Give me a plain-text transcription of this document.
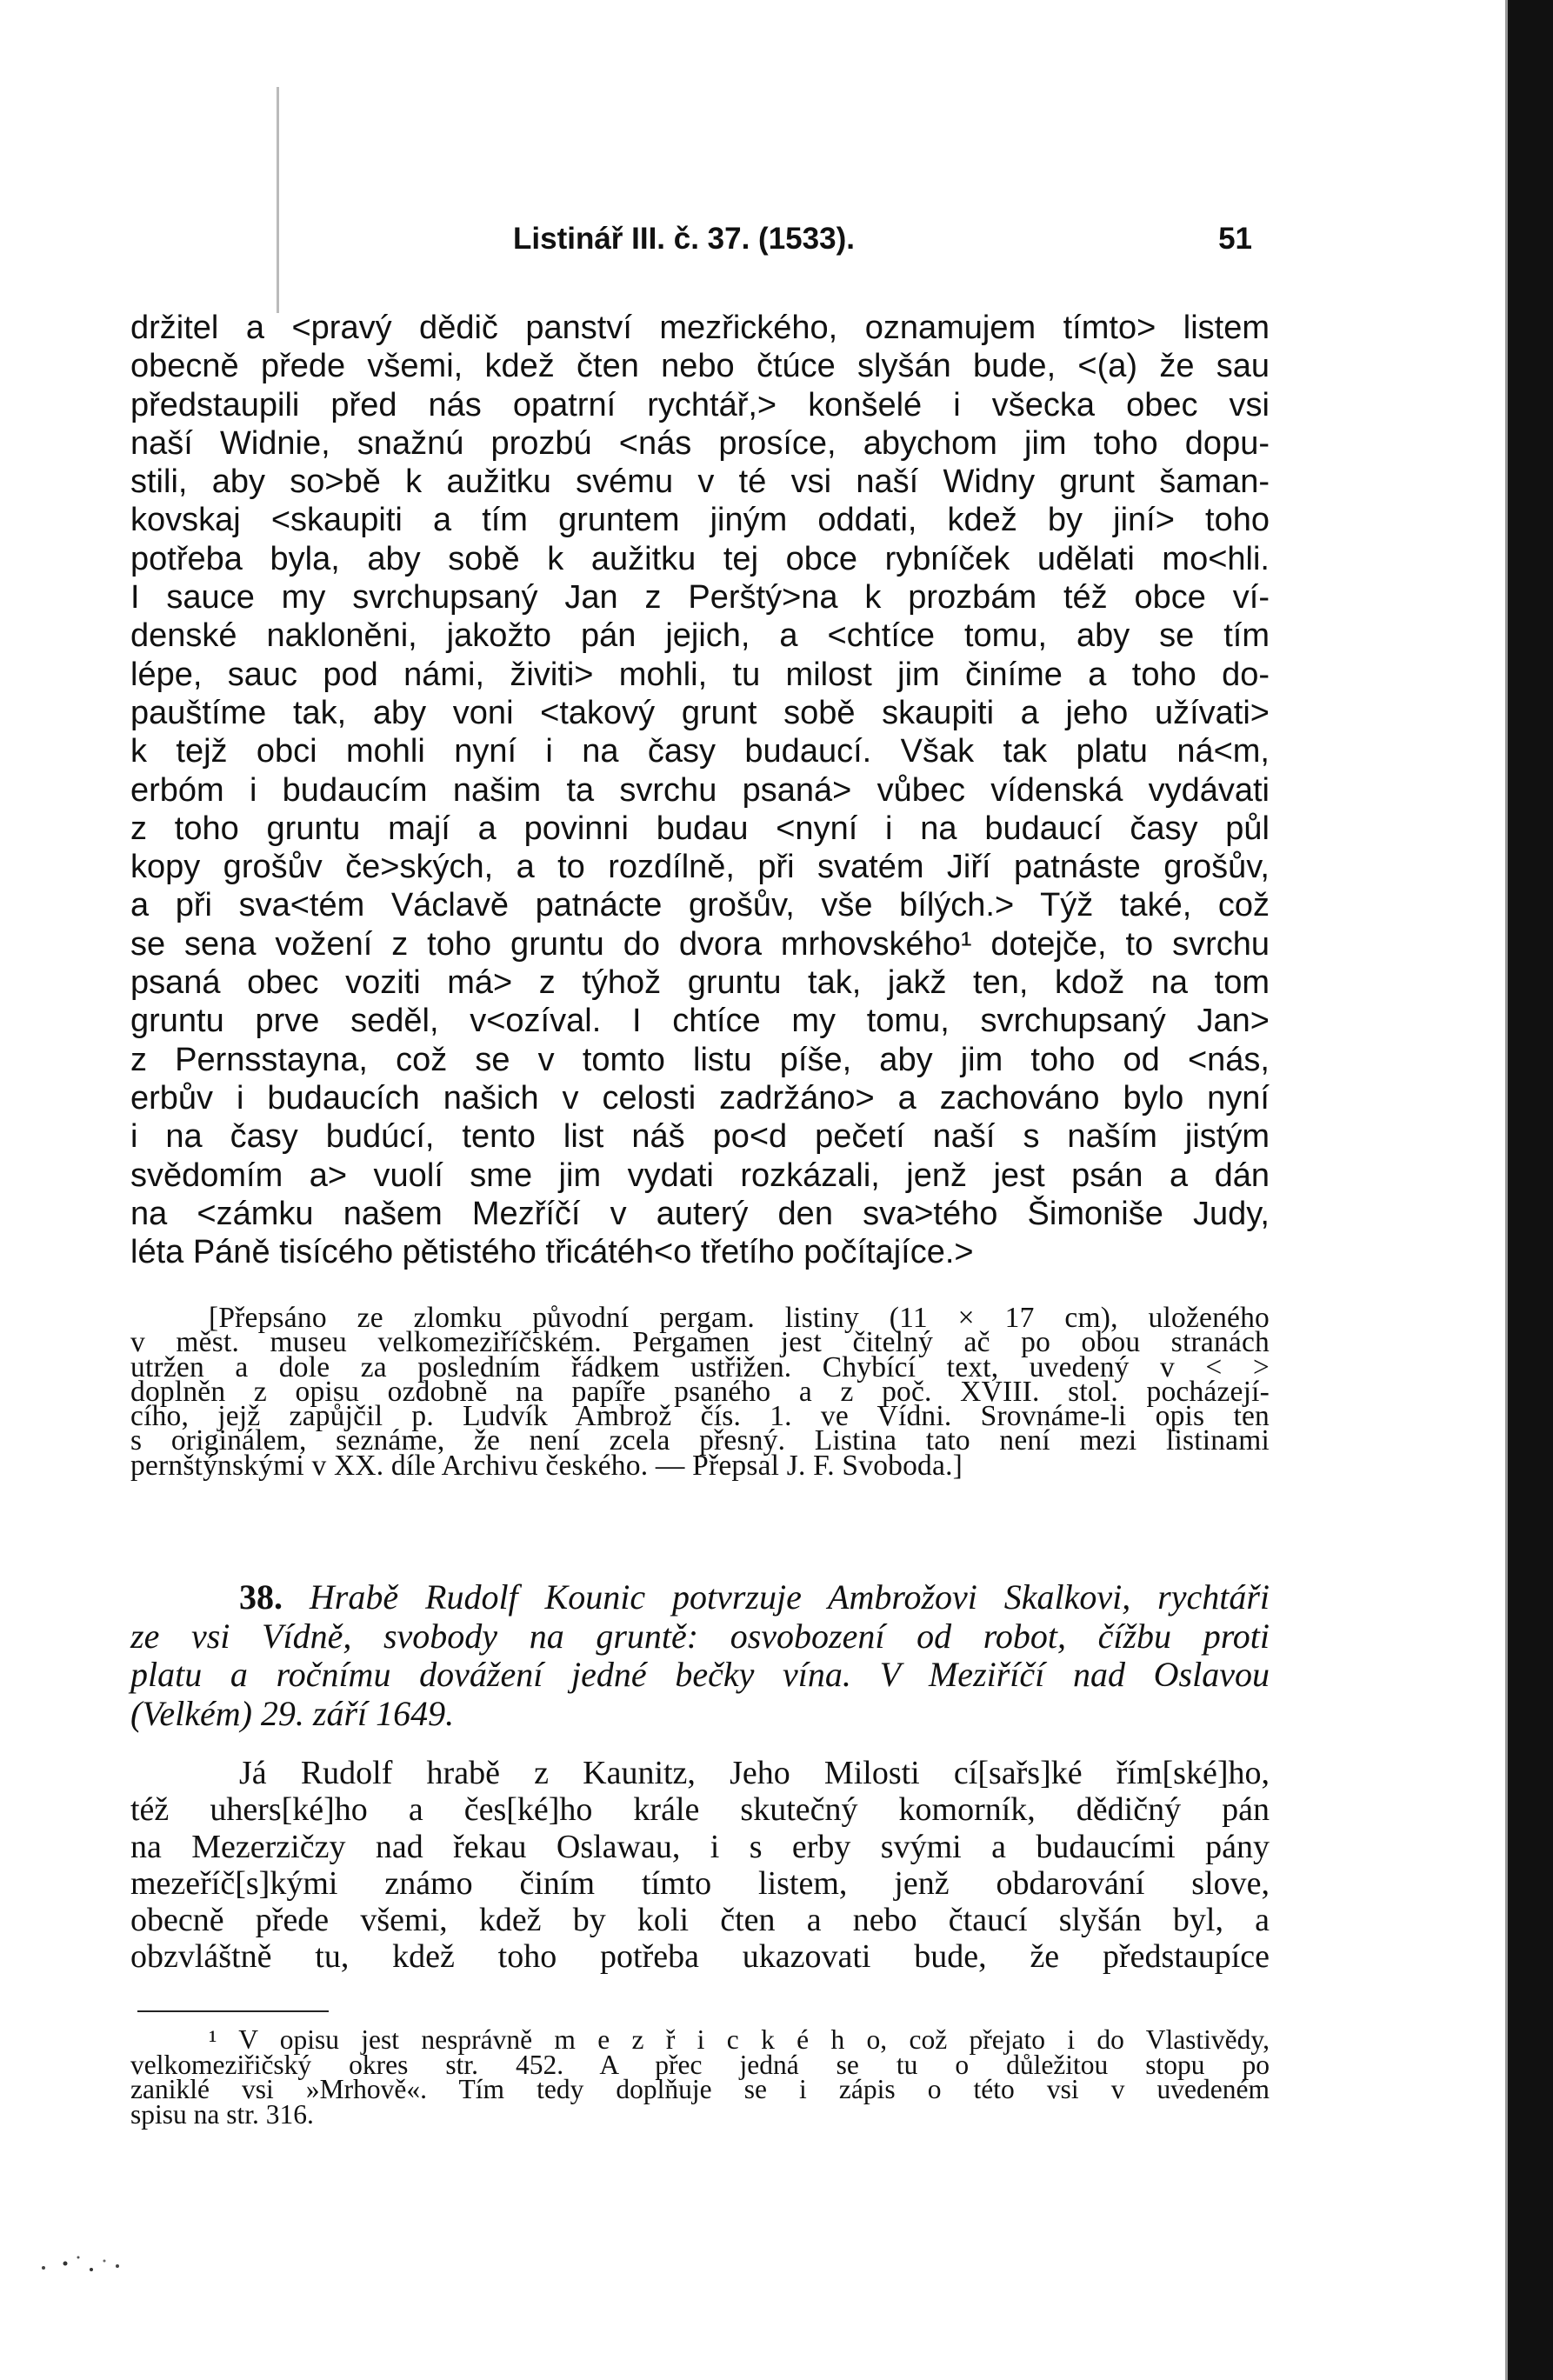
Listinář III. č. 37. (1533).	51
držitel a <pravý dědič panství mezřického, oznamujem tímto> listem
obecně přede všemi, kdež čten nebo čtúce slyšán bude, <(a) že sau
předstaupili před nás opatrní rychtář,> konšelé i všecka obec vsi
naší Widnie, snažnú prozbú <nás prosíce, abychom jim toho dopu-
stili, aby so>bě k aužitku svému v té vsi naší Widny grunt šaman-
kovskaj <skaupiti a tím gruntem jiným oddati, kdež by jiní> toho
potřeba byla, aby sobě k aužitku tej obce rybníček udělati mo<hli.
I sauce my svrchupsaný Jan z Perštý>na k prozbám též obce ví-
denské nakloněni, jakožto pán jejich, a <chtíce tomu, aby se tím
lépe, sauc pod námi, živiti> mohli, tu milost jim činíme a toho do-
pauštíme tak, aby voni <takový grunt sobě skaupiti a jeho užívati>
k tejž obci mohli nyní i na časy budaucí. Však tak platu ná<m,
erbóm i budaucím našim ta svrchu psaná> vůbec vídenská vydávati
z toho gruntu mají a povinni budau <nyní i na budaucí časy půl
kopy grošův če>ských, a to rozdílně, při svatém Jiří patnáste grošův,
a při sva<tém Václavě patnácte grošův, vše bílých.> Týž také, což
se sena vožení z toho gruntu do dvora mrhovského¹ dotejče, to svrchu
psaná obec voziti má> z týhož gruntu tak, jakž ten, kdož na tom
gruntu prve seděl, v<ozíval. I chtíce my tomu, svrchupsaný Jan>
z Pernsstayna, což se v tomto listu píše, aby jim toho od <nás,
erbův i budaucích našich v celosti zadržáno> a zachováno bylo nyní
i na časy budúcí, tento list náš po<d pečetí naší s naším jistým
svědomím a> vuolí sme jim vydati rozkázali, jenž jest psán a dán
na <zámku našem Mezříčí v auterý den sva>tého Šimoniše Judy,
léta Páně tisícého pětistého třicátéh<o třetího počítajíce.>
[Přepsáno ze zlomku původní pergam. listiny (11 × 17 cm), uloženého
v měst. museu velkomeziříčském. Pergamen jest čitelný ač po obou stranách
utržen a dole za posledním řádkem ustřižen. Chybící text, uvedený v < >
doplněn z opisu ozdobně na papíře psaného a z poč. XVIII. stol. pocházejí-
cího, jejž zapůjčil p. Ludvík Ambrož čís. 1. ve Vídni. Srovnáme-li opis ten
s originálem, seznáme, že není zcela přesný. Listina tato není mezi listinami
pernštýnskými v XX. díle Archivu českého. — Přepsal J. F. Svoboda.]
38. Hrabě Rudolf Kounic potvrzuje Ambrožovi Skalkovi, rychtáři
ze vsi Vídně, svobody na gruntě: osvobození od robot, čížbu proti
platu a ročnímu dovážení jedné bečky vína. V Meziříčí nad Oslavou
(Velkém) 29. září 1649.
Já Rudolf hrabě z Kaunitz, Jeho Milosti cí[sařs]ké řím[ské]ho,
též uhers[ké]ho a čes[ké]ho krále skutečný komorník, dědičný pán
na Mezerzičzy nad řekau Oslawau, i s erby svými a budaucími pány
mezeříč[s]kými známo činím tímto listem, jenž obdarování slove,
obecně přede všemi, kdež by koli čten a nebo čtaucí slyšán byl, a
obzvláštně tu, kdež toho potřeba ukazovati bude, že předstaupíce
¹ V opisu jest nesprávně m e z ř i c k é h o, což přejato i do Vlastivědy,
velkomeziřičský okres str. 452. A přec jedná se tu o důležitou stopu po
zaniklé vsi »Mrhově«. Tím tedy doplňuje se i zápis o této vsi v uvedeném
spisu na str. 316.
